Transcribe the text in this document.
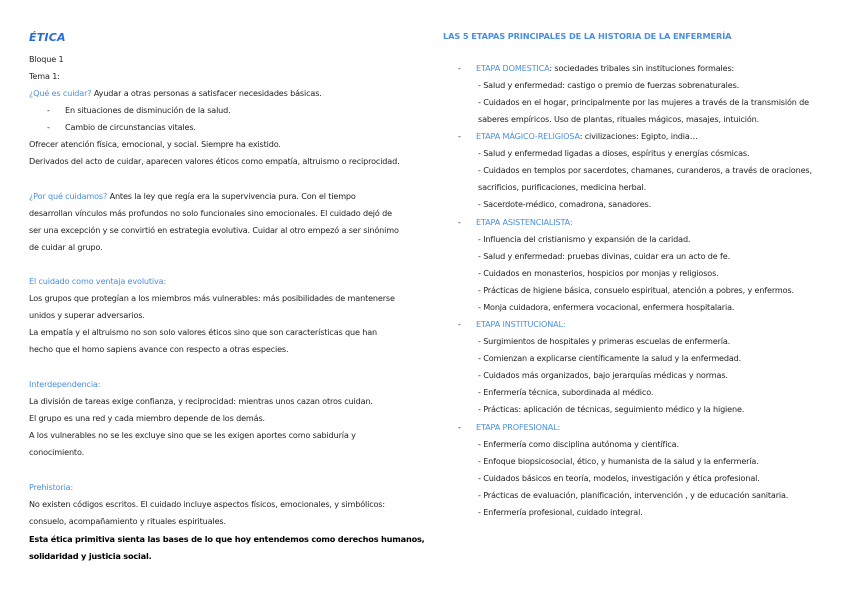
ÉTICA
Bloque 1
Tema 1:
¿Qué es cuidar? Ayudar a otras personas a satisfacer necesidades básicas.
- En situaciones de disminución de la salud.
- Cambio de circunstancias vitales.
Ofrecer atención física, emocional, y social. Siempre ha existido.
Derivados del acto de cuidar, aparecen valores éticos como empatía, altruismo o reciprocidad.
¿Por qué cuidamos? Antes la ley que regía era la supervivencia pura. Con el tiempo
desarrollan vínculos más profundos no solo funcionales sino emocionales. El cuidado dejó de
ser una excepción y se convirtió en estrategia evolutiva. Cuidar al otro empezó a ser sinónimo
de cuidar al grupo.
El cuidado como ventaja evolutiva:
Los grupos que protegían a los miembros más vulnerables: más posibilidades de mantenerse
unidos y superar adversarios.
La empatía y el altruismo no son solo valores éticos sino que son características que han
hecho que el homo sapiens avance con respecto a otras especies.
Interdependencia:
La división de tareas exige confianza, y reciprocidad: mientras unos cazan otros cuidan.
El grupo es una red y cada miembro depende de los demás.
A los vulnerables no se les excluye sino que se les exigen aportes como sabiduría y
conocimiento.
Prehistoria:
No existen códigos escritos. El cuidado incluye aspectos físicos, emocionales, y simbólicos:
consuelo, acompañamiento y rituales espirituales.
Esta ética primitiva sienta las bases de lo que hoy entendemos como derechos humanos,
solidaridad y justicia social.
LAS 5 ETAPAS PRINCIPALES DE LA HISTORIA DE LA ENFERMERÍA
- ETAPA DOMESTICA: sociedades tribales sin instituciones formales:
- Salud y enfermedad: castigo o premio de fuerzas sobrenaturales.
- Cuidados en el hogar, principalmente por las mujeres a través de la transmisión de
saberes empíricos. Uso de plantas, rituales mágicos, masajes, intuición.
- ETAPA MÁGICO-RELIGIOSA: civilizaciones: Egipto, india…
- Salud y enfermedad ligadas a dioses, espíritus y energías cósmicas.
- Cuidados en templos por sacerdotes, chamanes, curanderos, a través de oraciones,
sacrificios, purificaciones, medicina herbal.
- Sacerdote-médico, comadrona, sanadores.
- ETAPA ASISTENCIALISTA:
- Influencia del cristianismo y expansión de la caridad.
- Salud y enfermedad: pruebas divinas, cuidar era un acto de fe.
- Cuidados en monasterios, hospicios por monjas y religiosos.
- Prácticas de higiene básica, consuelo espiritual, atención a pobres, y enfermos.
- Monja cuidadora, enfermera vocacional, enfermera hospitalaria.
- ETAPA INSTITUCIONAL:
- Surgimientos de hospitales y primeras escuelas de enfermería.
- Comienzan a explicarse científicamente la salud y la enfermedad.
- Cuidados más organizados, bajo jerarquías médicas y normas.
- Enfermería técnica, subordinada al médico.
- Prácticas: aplicación de técnicas, seguimiento médico y la higiene.
- ETAPA PROFESIONAL:
- Enfermería como disciplina autónoma y científica.
- Enfoque biopsicosocial, ético, y humanista de la salud y la enfermería.
- Cuidados básicos en teoría, modelos, investigación y ética profesional.
- Prácticas de evaluación, planificación, intervención , y de educación sanitaria.
- Enfermería profesional, cuidado integral.
